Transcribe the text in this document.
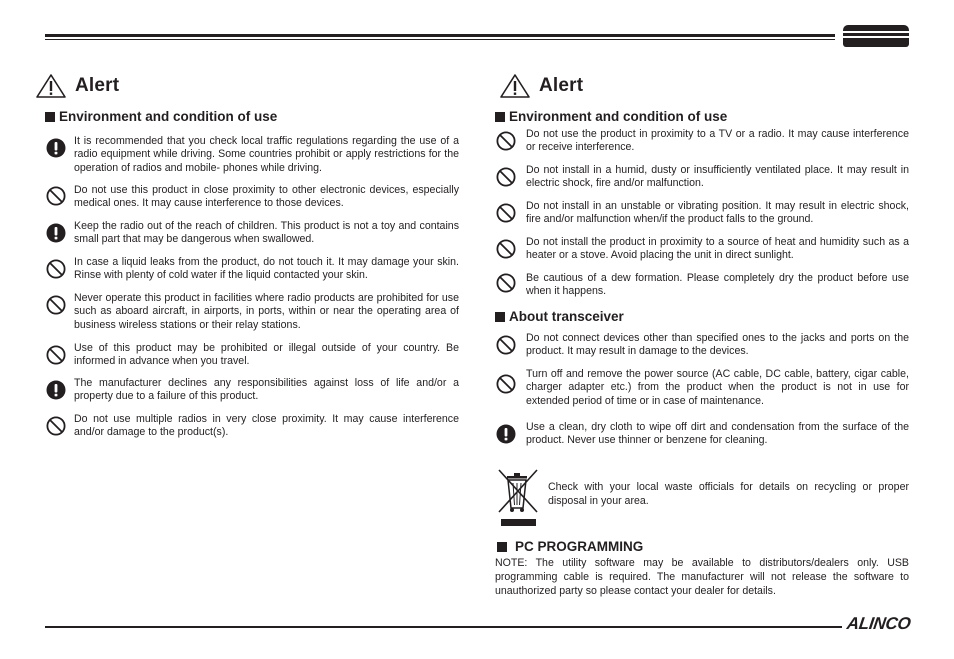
Alert
Environment and condition of use
It is recommended that you check local traffic regulations regarding the use of a radio equipment while driving. Some countries prohibit or apply restrictions for the operation of radios and mobile- phones while driving.
Do not use this product in close proximity to other electronic devices, especially medical ones. It may cause interference to those devices.
Keep the radio out of the reach of children. This product is not a toy and contains small part that may be dangerous when swallowed.
In case a liquid leaks from the product, do not touch it. It may damage your skin. Rinse with plenty of cold water if the liquid contacted your skin.
Never operate this product in facilities where radio products are prohibited for use such as aboard aircraft, in airports, in ports, within or near the operating area of business wireless stations or their relay stations.
Use of this product may be prohibited or illegal outside of your country. Be informed in advance when you travel.
The manufacturer declines any responsibilities against loss of life and/or a property due to a failure of this product.
Do not use multiple radios in very close proximity. It may cause interference and/or damage to the product(s).
Alert
Environment and condition of use
Do not use the product in proximity to a TV or a radio. It may cause interference or receive interference.
Do not install in a humid, dusty or insufficiently ventilated place. It may result in electric shock, fire and/or malfunction.
Do not install in an unstable or vibrating position. It may result in electric shock, fire and/or malfunction when/if the product falls to the ground.
Do not install the product in proximity to a source of heat and humidity such as a heater or a stove. Avoid placing the unit in direct sunlight.
Be cautious of a dew formation. Please completely dry the product before use when it happens.
About transceiver
Do not connect devices other than specified ones to the jacks and ports on the product. It may result in damage to the devices.
Turn off and remove the power source (AC cable, DC cable, battery, cigar cable, charger adapter etc.) from the product when the product is not in use for extended period of time or in case of maintenance.
Use a clean, dry cloth to wipe off dirt and condensation from the surface of the product. Never use thinner or benzene for cleaning.
Check with your local waste officials for details on recycling or proper disposal in your area.
PC PROGRAMMING
NOTE: The utility software may be available to distributors/dealers only. USB programming cable is required. The manufacturer will not release the software to unauthorized party so please contact your dealer for details.
ALINCO
